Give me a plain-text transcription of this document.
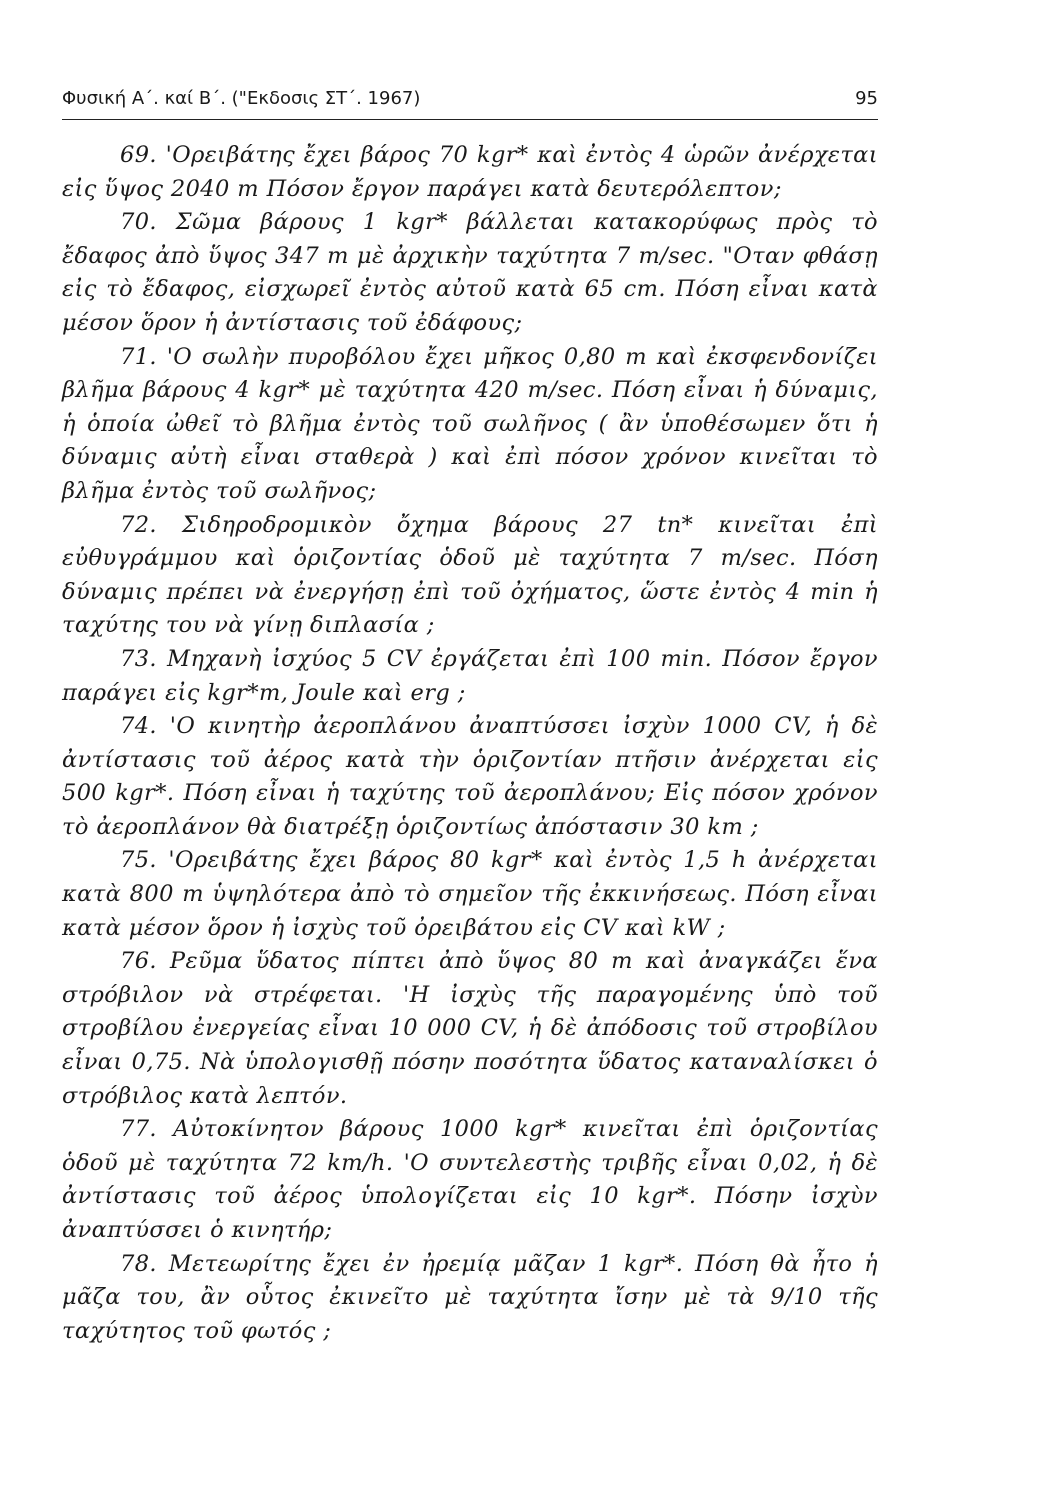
Φυσική Α΄. καί Β΄. ("Εκδοσις ΣΤ΄. 1967)	95

69. 'Ορειβάτης ἔχει βάρος 70 kgr* καὶ ἐντὸς 4 ὡρῶν ἀνέρχεται εἰς ὕψος 2040 m Πόσον ἔργον παράγει κατὰ δευτερόλεπτον;

70. Σῶμα βάρους 1 kgr* βάλλεται κατακορύφως πρὸς τὸ ἔδαφος ἀπὸ ὕψος 347 m μὲ ἀρχικὴν ταχύτητα 7 m/sec. "Οταν φθάσῃ εἰς τὸ ἔδαφος, εἰσχωρεῖ ἐντὸς αὐτοῦ κατὰ 65 cm. Πόση εἶναι κατὰ μέσον ὅρον ἡ ἀντίστασις τοῦ ἐδάφους;

71. 'Ο σωλὴν πυροβόλου ἔχει μῆκος 0,80 m καὶ ἐκσφενδονίζει βλῆμα βάρους 4 kgr* μὲ ταχύτητα 420 m/sec. Πόση εἶναι ἡ δύναμις, ἡ ὁποία ὠθεῖ τὸ βλῆμα ἐντὸς τοῦ σωλῆνος ( ἂν ὑποθέσωμεν ὅτι ἡ δύναμις αὐτὴ εἶναι σταθερὰ ) καὶ ἐπὶ πόσον χρόνον κινεῖται τὸ βλῆμα ἐντὸς τοῦ σωλῆνος;

72. Σιδηροδρομικὸν ὄχημα βάρους 27 tn* κινεῖται ἐπὶ εὐθυγράμμου καὶ ὁριζοντίας ὁδοῦ μὲ ταχύτητα 7 m/sec. Πόση δύναμις πρέπει νὰ ἐνεργήσῃ ἐπὶ τοῦ ὀχήματος, ὥστε ἐντὸς 4 min ἡ ταχύτης του νὰ γίνῃ διπλασία ;

73. Μηχανὴ ἰσχύος 5 CV ἐργάζεται ἐπὶ 100 min. Πόσον ἔργον παράγει εἰς kgr*m, Joule καὶ erg ;

74. 'Ο κινητὴρ ἀεροπλάνου ἀναπτύσσει ἰσχὺν 1000 CV, ἡ δὲ ἀντίστασις τοῦ ἀέρος κατὰ τὴν ὁριζοντίαν πτῆσιν ἀνέρχεται εἰς 500 kgr*. Πόση εἶναι ἡ ταχύτης τοῦ ἀεροπλάνου; Εἰς πόσον χρόνον τὸ ἀεροπλάνον θὰ διατρέξῃ ὁριζοντίως ἀπόστασιν 30 km ;

75. 'Ορειβάτης ἔχει βάρος 80 kgr* καὶ ἐντὸς 1,5 h ἀνέρχεται κατὰ 800 m ὑψηλότερα ἀπὸ τὸ σημεῖον τῆς ἐκκινήσεως. Πόση εἶναι κατὰ μέσον ὅρον ἡ ἰσχὺς τοῦ ὀρειβάτου εἰς CV καὶ kW ;

76. Ρεῦμα ὕδατος πίπτει ἀπὸ ὕψος 80 m καὶ ἀναγκάζει ἕνα στρόβιλον νὰ στρέφεται. 'Η ἰσχὺς τῆς παραγομένης ὑπὸ τοῦ στροβίλου ἐνεργείας εἶναι 10 000 CV, ἡ δὲ ἀπόδοσις τοῦ στροβίλου εἶναι 0,75. Νὰ ὑπολογισθῇ πόσην ποσότητα ὕδατος καταναλίσκει ὁ στρόβιλος κατὰ λεπτόν.

77. Αὐτοκίνητον βάρους 1000 kgr* κινεῖται ἐπὶ ὁριζοντίας ὁδοῦ μὲ ταχύτητα 72 km/h. 'Ο συντελεστὴς τριβῆς εἶναι 0,02, ἡ δὲ ἀντίστασις τοῦ ἀέρος ὑπολογίζεται εἰς 10 kgr*. Πόσην ἰσχὺν ἀναπτύσσει ὁ κινητήρ;

78. Μετεωρίτης ἔχει ἐν ἠρεμίᾳ μᾶζαν 1 kgr*. Πόση θὰ ἦτο ἡ μᾶζα του, ἂν οὗτος ἐκινεῖτο μὲ ταχύτητα ἴσην μὲ τὰ 9/10 τῆς ταχύτητος τοῦ φωτός ;
